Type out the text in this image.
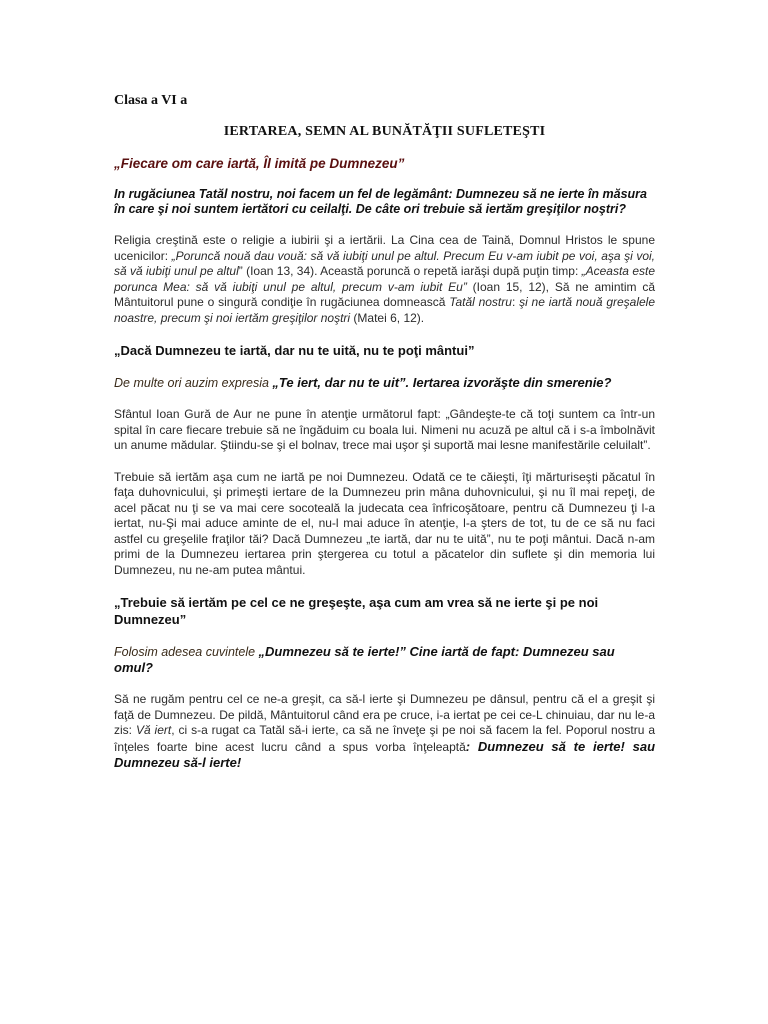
Clasa a VI a
IERTAREA, SEMN AL BUNĂTĂŢII SUFLETEŞTI
„Fiecare om care iartă, Îl imită pe Dumnezeu”
In rugăciunea Tatăl nostru, noi facem un fel de legământ: Dumnezeu să ne ierte în măsura în care şi noi suntem iertători cu ceilalţi. De câte ori trebuie să iertăm greşiţilor noştri?
Religia creştină este o religie a iubirii şi a iertării. La Cina cea de Taină, Domnul Hristos le spune ucenicilor: „Poruncă nouă dau vouă: să vă iubiţi unul pe altul. Precum Eu v-am iubit pe voi, aşa şi voi, să vă iubiţi unul pe altul” (Ioan 13, 34). Această poruncă o repetă iarăşi după puţin timp: „Aceasta este porunca Mea: să vă iubiţi unul pe altul, precum v-am iubit Eu” (Ioan 15, 12), Să ne amintim că Mântuitorul pune o singură condiţie în rugăciunea domnească Tatăl nostru: şi ne iartă nouă greşalele noastre, precum şi noi iertăm greşiţilor noştri (Matei 6, 12).
„Dacă Dumnezeu te iartă, dar nu te uită, nu te poţi mântui”
De multe ori auzim expresia „Te iert, dar nu te uit”. Iertarea izvorăşte din smerenie?
Sfântul Ioan Gură de Aur ne pune în atenţie următorul fapt: „Gândeşte-te că toţi suntem ca într-un spital în care fiecare trebuie să ne îngăduim cu boala lui. Nimeni nu acuză pe altul că i s-a îmbolnăvit un anume mădular. Ştiindu-se şi el bolnav, trece mai uşor şi suportă mai lesne manifestările celuilalt”.
Trebuie să iertăm aşa cum ne iartă pe noi Dumnezeu. Odată ce te căieşti, îţi mărturiseşti păcatul în faţa duhovnicului, şi primeşti iertare de la Dumnezeu prin mâna duhovnicului, şi nu îl mai repeţi, de acel păcat nu ţi se va mai cere socoteală la judecata cea înfricoşătoare, pentru că Dumnezeu ţi l-a iertat, nu-Şi mai aduce aminte de el, nu-l mai aduce în atenţie, l-a şters de tot, tu de ce să nu faci astfel cu greşelile fraţilor tăi? Dacă Dumnezeu „te iartă, dar nu te uită”, nu te poţi mântui. Dacă n-am primi de la Dumnezeu iertarea prin ştergerea cu totul a păcatelor din suflete şi din memoria lui Dumnezeu, nu ne-am putea mântui.
„Trebuie să iertăm pe cel ce ne greşeşte, aşa cum am vrea să ne ierte şi pe noi Dumnezeu”
Folosim adesea cuvintele „Dumnezeu să te ierte!” Cine iartă de fapt: Dumnezeu sau omul?
Să ne rugăm pentru cel ce ne-a greşit, ca să-l ierte şi Dumnezeu pe dânsul, pentru că el a greşit şi faţă de Dumnezeu. De pildă, Mântuitorul când era pe cruce, i-a iertat pe cei ce-L chinuiau, dar nu le-a zis: Vă iert, ci s-a rugat ca Tatăl să-i ierte, ca să ne înveţe şi pe noi să facem la fel. Poporul nostru a înţeles foarte bine acest lucru când a spus vorba înţeleaptă: Dumnezeu să te ierte! sau Dumnezeu să-l ierte!
